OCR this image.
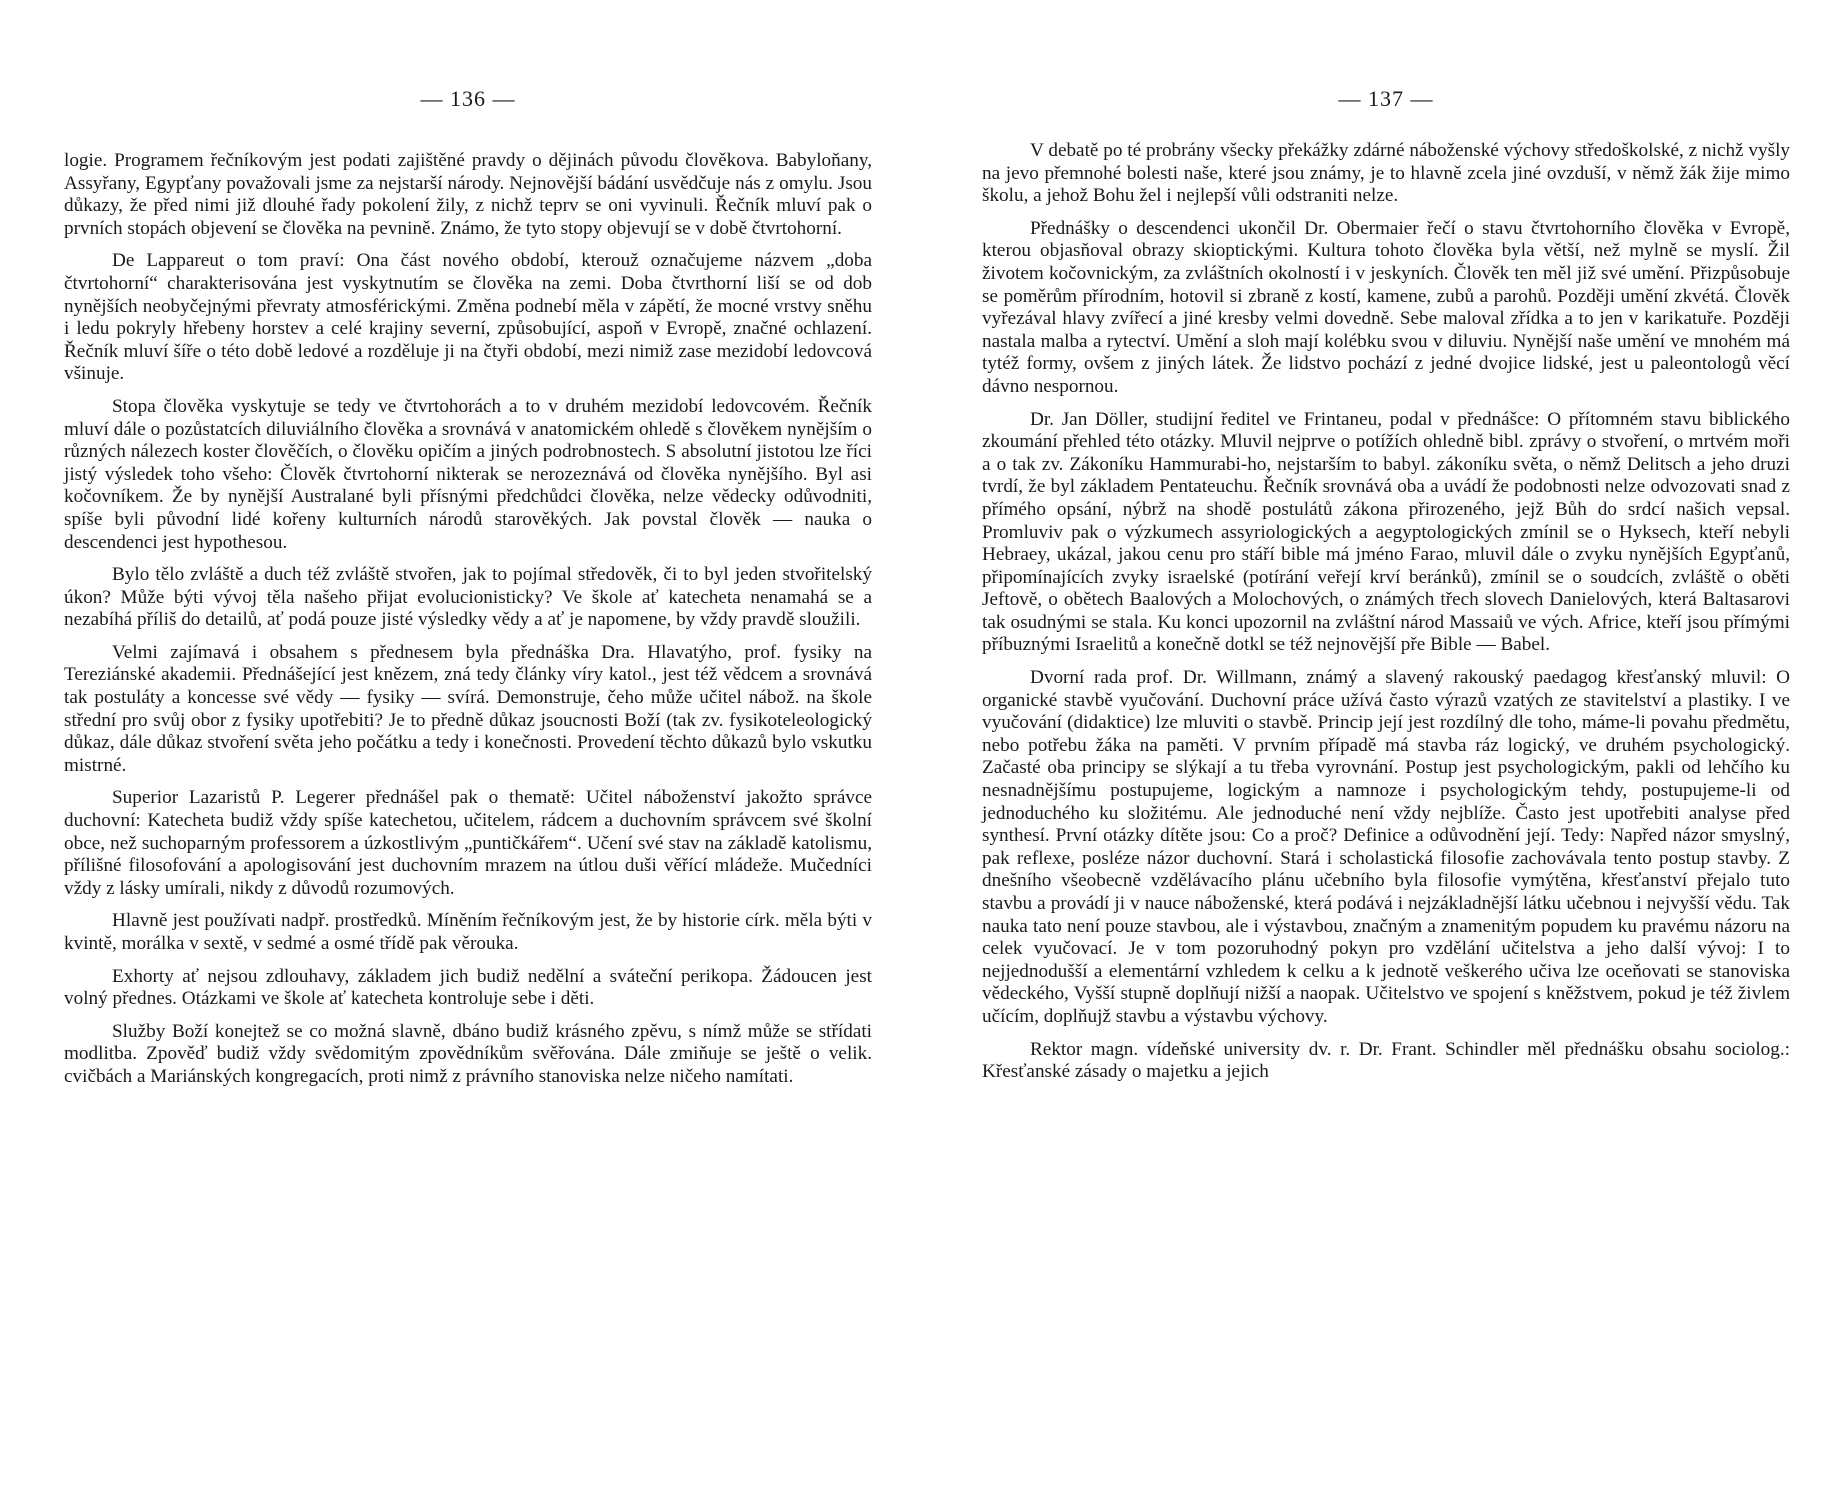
— 136 —

logie. Programem řečníkovým jest podati zajištěné pravdy o dějinách původu člověkova. Babyloňany, Assyřany, Egypťany považovali jsme za nejstarší národy. Nejnovější bádání usvědčuje nás z omylu. Jsou důkazy, že před nimi již dlouhé řady pokolení žily, z nichž teprv se oni vyvinuli. Řečník mluví pak o prvních stopách objevení se člověka na pevnině. Známo, že tyto stopy objevují se v době čtvrtohorní.

De Lappareut o tom praví: Ona část nového období, kterouž označujeme názvem „doba čtvrtohorní“ charakterisována jest vyskytnutím se člověka na zemi. Doba čtvrthorní liší se od dob nynějších neobyčejnými převraty atmosférickými. Změna podnebí měla v zápětí, že mocné vrstvy sněhu i ledu pokryly hřebeny horstev a celé krajiny severní, způsobující, aspoň v Evropě, značné ochlazení. Řečník mluví šíře o této době ledové a rozděluje ji na čtyři období, mezi nimiž zase mezidobí ledovcová všinuje.

Stopa člověka vyskytuje se tedy ve čtvrtohorách a to v druhém mezidobí ledovcovém. Řečník mluví dále o pozůstatcích diluviálního člověka a srovnává v anatomickém ohledě s člověkem nynějším o různých nálezech koster člověčích, o člověku opičím a jiných podrobnostech. S absolutní jistotou lze říci jistý výsledek toho všeho: Člověk čtvrtohorní nikterak se nerozeznává od člověka nynějšího. Byl asi kočovníkem. Že by nynější Australané byli přísnými předchůdci člověka, nelze vědecky odůvodniti, spíše byli původní lidé kořeny kulturních národů starověkých. Jak povstal člověk — nauka o descendenci jest hypothesou.

Bylo tělo zvláště a duch též zvláště stvořen, jak to pojímal středověk, či to byl jeden stvořitelský úkon? Může býti vývoj těla našeho přijat evolucionisticky? Ve škole ať katecheta nenamahá se a nezabíhá příliš do detailů, ať podá pouze jisté výsledky vědy a ať je napomene, by vždy pravdě sloužili.

Velmi zajímavá i obsahem s přednesem byla přednáška Dra. Hlavatýho, prof. fysiky na Tereziánské akademii. Přednášející jest knězem, zná tedy články víry katol., jest též vědcem a srovnává tak postuláty a koncesse své vědy — fysiky — svírá. Demonstruje, čeho může učitel nábož. na škole střední pro svůj obor z fysiky upotřebiti? Je to předně důkaz jsoucnosti Boží (tak zv. fysikoteleologický důkaz, dále důkaz stvoření světa jeho počátku a tedy i konečnosti. Provedení těchto důkazů bylo vskutku mistrné.

Superior Lazaristů P. Legerer přednášel pak o thematě: Učitel náboženství jakožto správce duchovní: Katecheta budiž vždy spíše katechetou, učitelem, rádcem a duchovním správcem své školní obce, než suchoparným professorem a úzkostlivým „puntičkářem“. Učení své stav na základě katolismu, přílišné filosofování a apologisování jest duchovním mrazem na útlou duši věřící mládeže. Mučedníci vždy z lásky umírali, nikdy z důvodů rozumových.

Hlavně jest používati nadpř. prostředků. Míněním řečníkovým jest, že by historie círk. měla býti v kvintě, morálka v sextě, v sedmé a osmé třídě pak věrouka.

Exhorty ať nejsou zdlouhavy, základem jich budiž nedělní a sváteční perikopa. Žádoucen jest volný přednes. Otázkami ve škole ať katecheta kontroluje sebe i děti.

Služby Boží konejtež se co možná slavně, dbáno budiž krásného zpěvu, s nímž může se střídati modlitba. Zpověď budiž vždy svědomitým zpovědníkům svěřována. Dále zmiňuje se ještě o velik. cvičbách a Mariánských kongregacích, proti nimž z právního stanoviska nelze ničeho namítati.

— 137 —

V debatě po té probrány všecky překážky zdárné náboženské výchovy středoškolské, z nichž vyšly na jevo přemnohé bolesti naše, které jsou známy, je to hlavně zcela jiné ovzduší, v němž žák žije mimo školu, a jehož Bohu žel i nejlepší vůli odstraniti nelze.

Přednášky o descendenci ukončil Dr. Obermaier řečí o stavu čtvrtohorního člověka v Evropě, kterou objasňoval obrazy skioptickými. Kultura tohoto člověka byla větší, než mylně se myslí. Žil životem kočovnickým, za zvláštních okolností i v jeskyních. Člověk ten měl již své umění. Přizpůsobuje se poměrům přírodním, hotovil si zbraně z kostí, kamene, zubů a parohů. Později umění zkvétá. Člověk vyřezával hlavy zvířecí a jiné kresby velmi dovedně. Sebe maloval zřídka a to jen v karikatuře. Později nastala malba a rytectví. Umění a sloh mají kolébku svou v diluviu. Nynější naše umění ve mnohém má tytéž formy, ovšem z jiných látek. Že lidstvo pochází z jedné dvojice lidské, jest u paleontologů věcí dávno nespornou.

Dr. Jan Döller, studijní ředitel ve Frintaneu, podal v přednášce: O přítomném stavu biblického zkoumání přehled této otázky. Mluvil nejprve o potížích ohledně bibl. zprávy o stvoření, o mrtvém moři a o tak zv. Zákoníku Hammurabi-ho, nejstarším to babyl. zákoníku světa, o němž Delitsch a jeho druzi tvrdí, že byl základem Pentateuchu. Řečník srovnává oba a uvádí že podobnosti nelze odvozovati snad z přímého opsání, nýbrž na shodě postulátů zákona přirozeného, jejž Bůh do srdcí našich vepsal. Promluviv pak o výzkumech assyriologických a aegyptologických zmínil se o Hyksech, kteří nebyli Hebraey, ukázal, jakou cenu pro stáří bible má jméno Farao, mluvil dále o zvyku nynějších Egypťanů, připomínajících zvyky israelské (potírání veřejí krví beránků), zmínil se o soudcích, zvláště o oběti Jeftově, o obětech Baalových a Molochových, o známých třech slovech Danielových, která Baltasarovi tak osudnými se stala. Ku konci upozornil na zvláštní národ Massaiů ve vých. Africe, kteří jsou přímými příbuznými Israelitů a konečně dotkl se též nejnovější pře Bible — Babel.

Dvorní rada prof. Dr. Willmann, známý a slavený rakouský paedagog křesťanský mluvil: O organické stavbě vyučování. Duchovní práce užívá často výrazů vzatých ze stavitelství a plastiky. I ve vyučování (didaktice) lze mluviti o stavbě. Princip její jest rozdílný dle toho, máme-li povahu předmětu, nebo potřebu žáka na paměti. V prvním případě má stavba ráz logický, ve druhém psychologický. Začasté oba principy se slýkají a tu třeba vyrovnání. Postup jest psychologickým, pakli od lehčího ku nesnadnějšímu postupujeme, logickým a namnoze i psychologickým tehdy, postupujeme-li od jednoduchého ku složitému. Ale jednoduché není vždy nejblíže. Často jest upotřebiti analyse před synthesí. První otázky dítěte jsou: Co a proč? Definice a odůvodnění její. Tedy: Napřed názor smyslný, pak reflexe, posléze názor duchovní. Stará i scholastická filosofie zachovávala tento postup stavby. Z dnešního všeobecně vzdělávacího plánu učebního byla filosofie vymýtěna, křesťanství přejalo tuto stavbu a provádí ji v nauce náboženské, která podává i nejzákladnější látku učebnou i nejvyšší vědu. Tak nauka tato není pouze stavbou, ale i výstavbou, značným a znamenitým popudem ku pravému názoru na celek vyučovací. Je v tom pozoruhodný pokyn pro vzdělání učitelstva a jeho další vývoj: I to nejjednodušší a elementární vzhledem k celku a k jednotě veškerého učiva lze oceňovati se stanoviska vědeckého, Vyšší stupně doplňují nižší a naopak. Učitelstvo ve spojení s kněžstvem, pokud je též živlem učícím, doplňujž stavbu a výstavbu výchovy.

Rektor magn. vídeňské university dv. r. Dr. Frant. Schindler měl přednášku obsahu sociolog.: Křesťanské zásady o majetku a jejich
